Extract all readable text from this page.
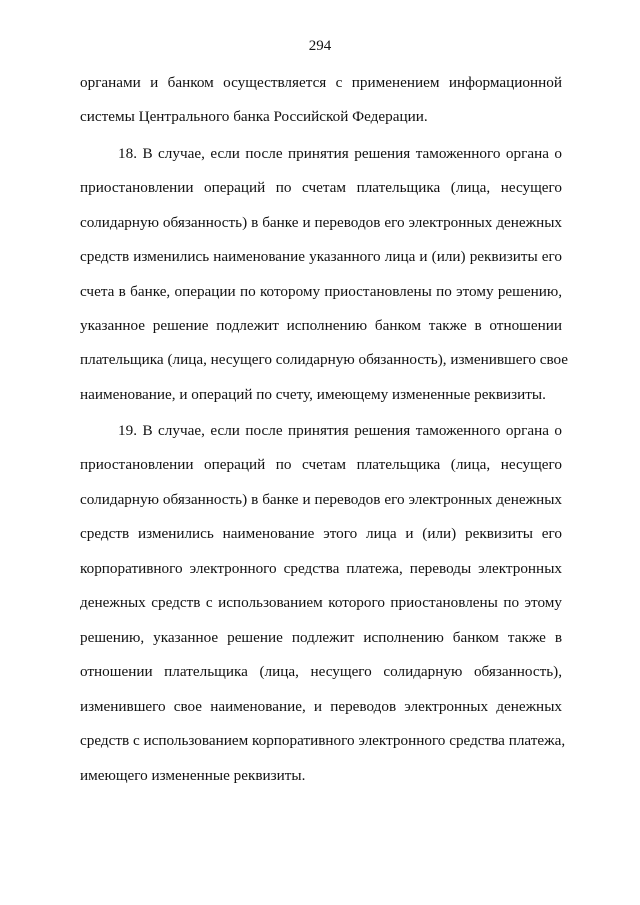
294
органами и банком осуществляется с применением информационной
системы Центрального банка Российской Федерации.
18. В случае, если после принятия решения таможенного органа о
приостановлении операций по счетам плательщика (лица, несущего
солидарную обязанность) в банке и переводов его электронных денежных
средств изменились наименование указанного лица и (или) реквизиты его
счета в банке, операции по которому приостановлены по этому решению,
указанное решение подлежит исполнению банком также в отношении
плательщика (лица, несущего солидарную обязанность), изменившего свое
наименование, и операций по счету, имеющему измененные реквизиты.
19. В случае, если после принятия решения таможенного органа о
приостановлении операций по счетам плательщика (лица, несущего
солидарную обязанность) в банке и переводов его электронных денежных
средств изменились наименование этого лица и (или) реквизиты его
корпоративного электронного средства платежа, переводы электронных
денежных средств с использованием которого приостановлены по этому
решению, указанное решение подлежит исполнению банком также в
отношении плательщика (лица, несущего солидарную обязанность),
изменившего свое наименование, и переводов электронных денежных
средств с использованием корпоративного электронного средства платежа,
имеющего измененные реквизиты.
